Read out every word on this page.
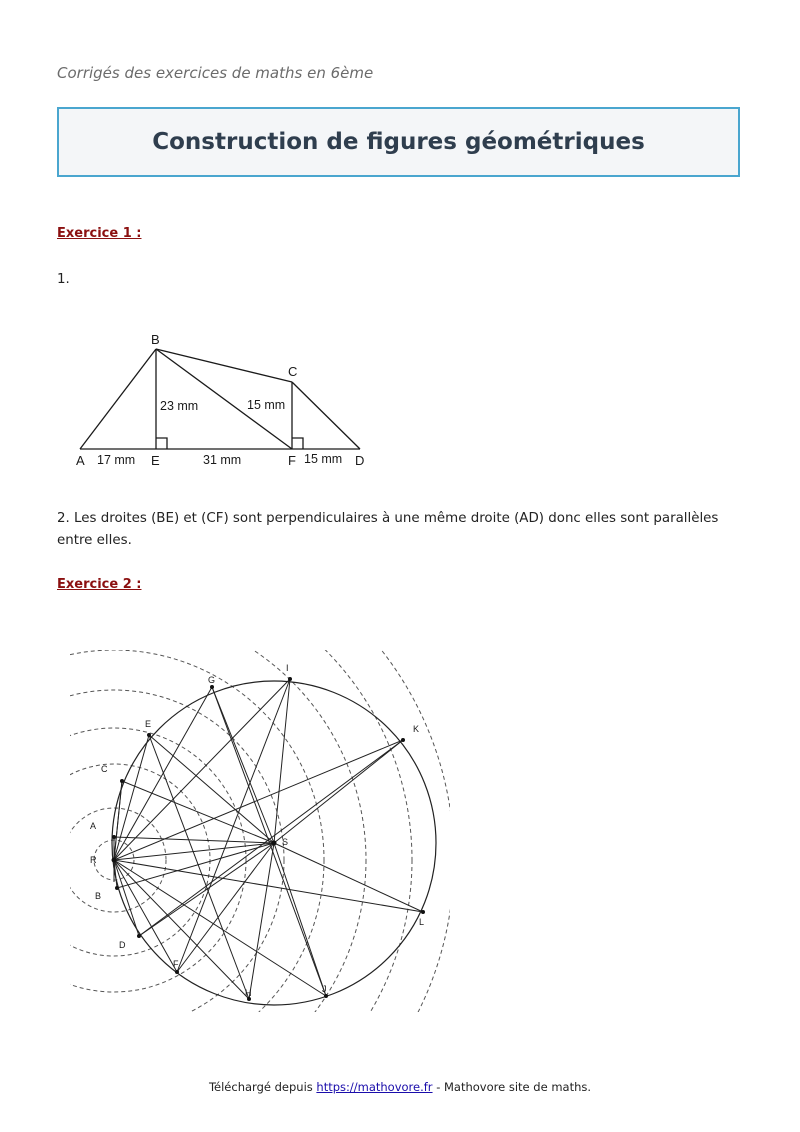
Corrigés des exercices de maths en 6ème
Construction de figures géométriques
Exercice 1 :
1.
B
C
A	E	F	D
23 mm	15 mm
17 mm	31 mm	15 mm
2. Les droites (BE) et (CF) sont perpendiculaires à une même droite (AD) donc elles sont parallèles entre elles.
Exercice 2 :
I
G
E	K
C
A
R
S
B
D
L
F
H	J
Téléchargé depuis https://mathovore.fr - Mathovore site de maths.
